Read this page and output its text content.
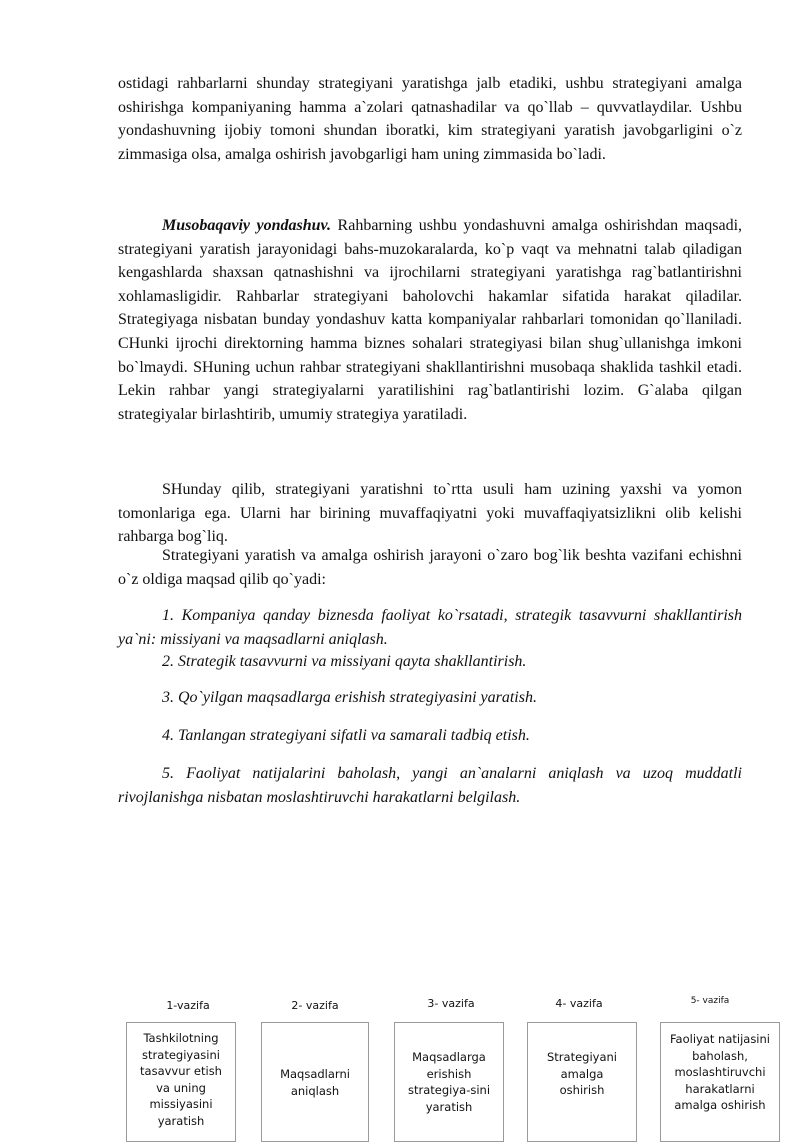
ostidagi rahbarlarni shunday strategiyani yaratishga jalb etadiki, ushbu strategiyani amalga oshirishga kompaniyaning hamma a`zolari qatnashadilar va qo`llab – quvvatlaydilar. Ushbu yondashuvning ijobiy tomoni shundan iboratki, kim strategiyani yaratish javobgarligini o`z zimmasiga olsa, amalga oshirish javobgarligi ham uning zimmasida bo`ladi.

Musobaqaviy yondashuv. Rahbarning ushbu yondashuvni amalga oshirishdan maqsadi, strategiyani yaratish jarayonidagi bahs-muzokaralarda, ko`p vaqt va mehnatni talab qiladigan kengashlarda shaxsan qatnashishni va ijrochilarni strategiyani yaratishga rag`batlantirishni xohlamasligidir. Rahbarlar strategiyani baholovchi hakamlar sifatida harakat qiladilar. Strategiyaga nisbatan bunday yondashuv katta kompaniyalar rahbarlari tomonidan qo`llaniladi. CHunki ijrochi direktorning hamma biznes sohalari strategiyasi bilan shug`ullanishga imkoni bo`lmaydi. SHuning uchun rahbar strategiyani shakllantirishni musobaqa shaklida tashkil etadi. Lekin rahbar yangi strategiyalarni yaratilishini rag`batlantirishi lozim. G`alaba qilgan strategiyalar birlashtirib, umumiy strategiya yaratiladi.

SHunday qilib, strategiyani yaratishni to`rtta usuli ham uzining yaxshi va yomon tomonlariga ega. Ularni har birining muvaffaqiyatni yoki muvaffaqiyatsizlikni olib kelishi rahbarga bog`liq.

Strategiyani yaratish va amalga oshirish jarayoni o`zaro bog`lik beshta vazifani echishni o`z oldiga maqsad qilib qo`yadi:

1. Kompaniya qanday biznesda faoliyat ko`rsatadi, strategik tasavvurni shakllantirish ya`ni: missiyani va maqsadlarni aniqlash.

2. Strategik tasavvurni va missiyani qayta shakllantirish.

3. Qo`yilgan maqsadlarga erishish strategiyasini yaratish.

4. Tanlangan strategiyani sifatli va samarali tadbiq etish.

5. Faoliyat natijalarini baholash, yangi an`analarni aniqlash va uzoq muddatli rivojlanishga nisbatan moslashtiruvchi harakatlarni belgilash.

1-vazifa	2- vazifa	3- vazifa	4- vazifa	5- vazifa
Tashkilotning
strategiyasini
tasavvur etish
va uning
missiyasini
yaratish
Maqsadlarni
aniqlash
Maqsadlarga
erishish
strategiya-sini
yaratish
Strategiyani
amalga
oshirish
Faoliyat natijasini
baholash,
moslashtiruvchi
harakatlarni
amalga oshirish
